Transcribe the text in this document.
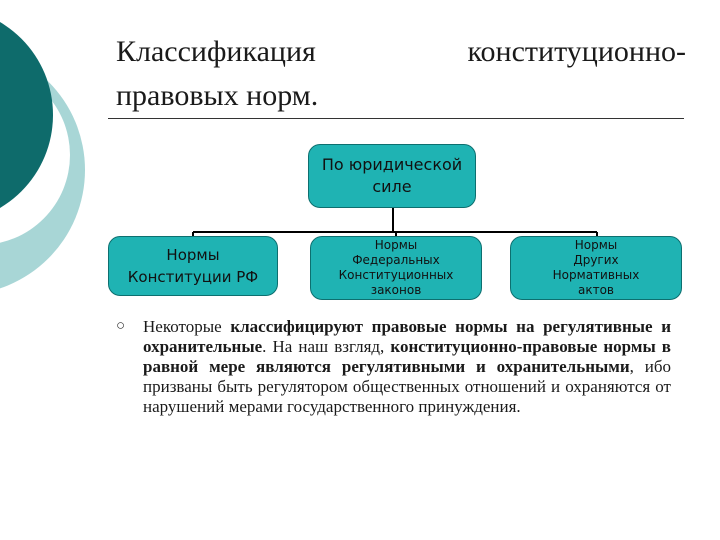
Классификация	конституционно-
правовых норм.
По юридической
силе
Нормы
Конституции РФ
Нормы
Федеральных
Конституционных
законов
Нормы
Других
Нормативных
актов
○ Некоторые классифицируют правовые нормы на регулятивные и охранительные. На наш взгляд, конституционно-правовые нормы в равной мере являются регулятивными и охранительными, ибо призваны быть регулятором общественных отношений и охраняются от нарушений мерами государственного принуждения.
